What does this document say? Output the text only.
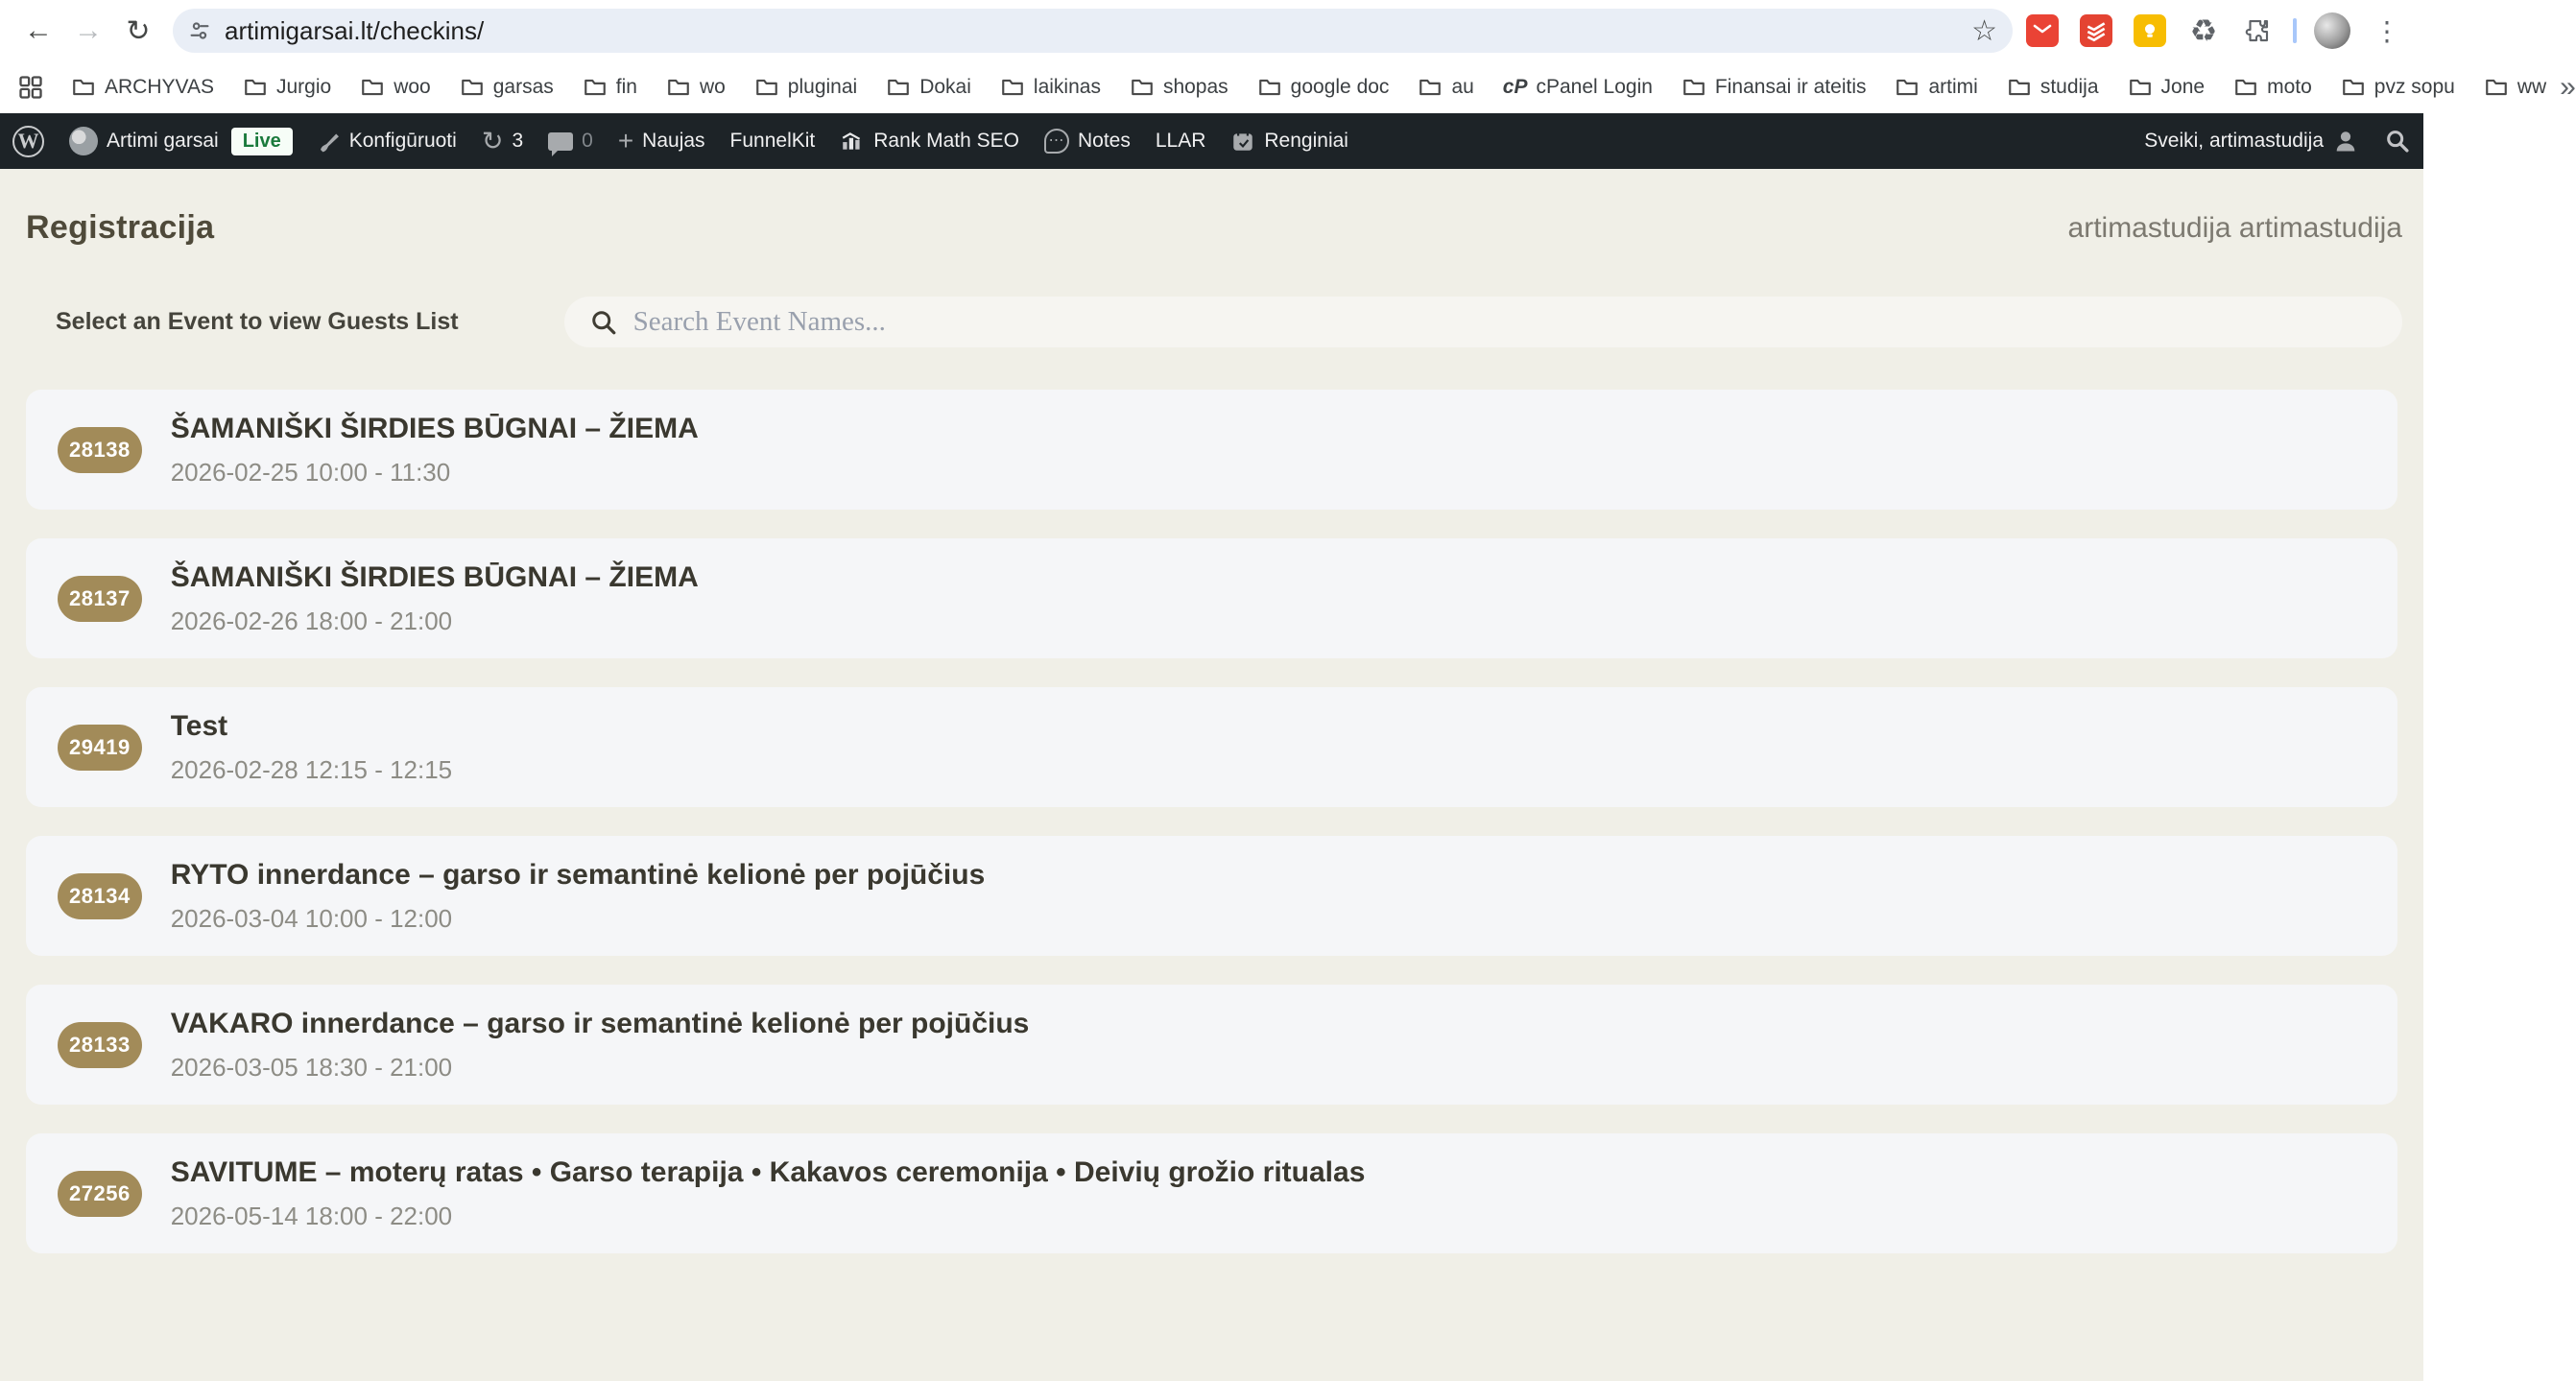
← → ↻	artimigarsai.lt/checkins/	☆	♻	⋮
ARCHYVAS	Jurgio	woo	garsas	fin	wo	pluginai	Dokai	laikinas	shopas	google doc	au cP cPanel Login	Finansai ir ateitis	artimi	studija	Jone	moto	pvz sopu	ww »
W	Artimi garsai	Live	Konfigūruoti ↻ 3	0 + Naujas FunnelKit	Rank Math SEO ⋯ Notes LLAR	Renginiai	Sveiki, artimastudija
Registracija	artimastudija artimastudija
Select an Event to view Guests List
Search Event Names...
28138
ŠAMANIŠKI ŠIRDIES BŪGNAI – ŽIEMA
2026-02-25 10:00 - 11:30
28137
ŠAMANIŠKI ŠIRDIES BŪGNAI – ŽIEMA
2026-02-26 18:00 - 21:00
29419
Test
2026-02-28 12:15 - 12:15
28134
RYTO innerdance – garso ir semantinė kelionė per pojūčius
2026-03-04 10:00 - 12:00
28133
VAKARO innerdance – garso ir semantinė kelionė per pojūčius
2026-03-05 18:30 - 21:00
27256
SAVITUME – moterų ratas • Garso terapija • Kakavos ceremonija • Deivių grožio ritualas
2026-05-14 18:00 - 22:00
